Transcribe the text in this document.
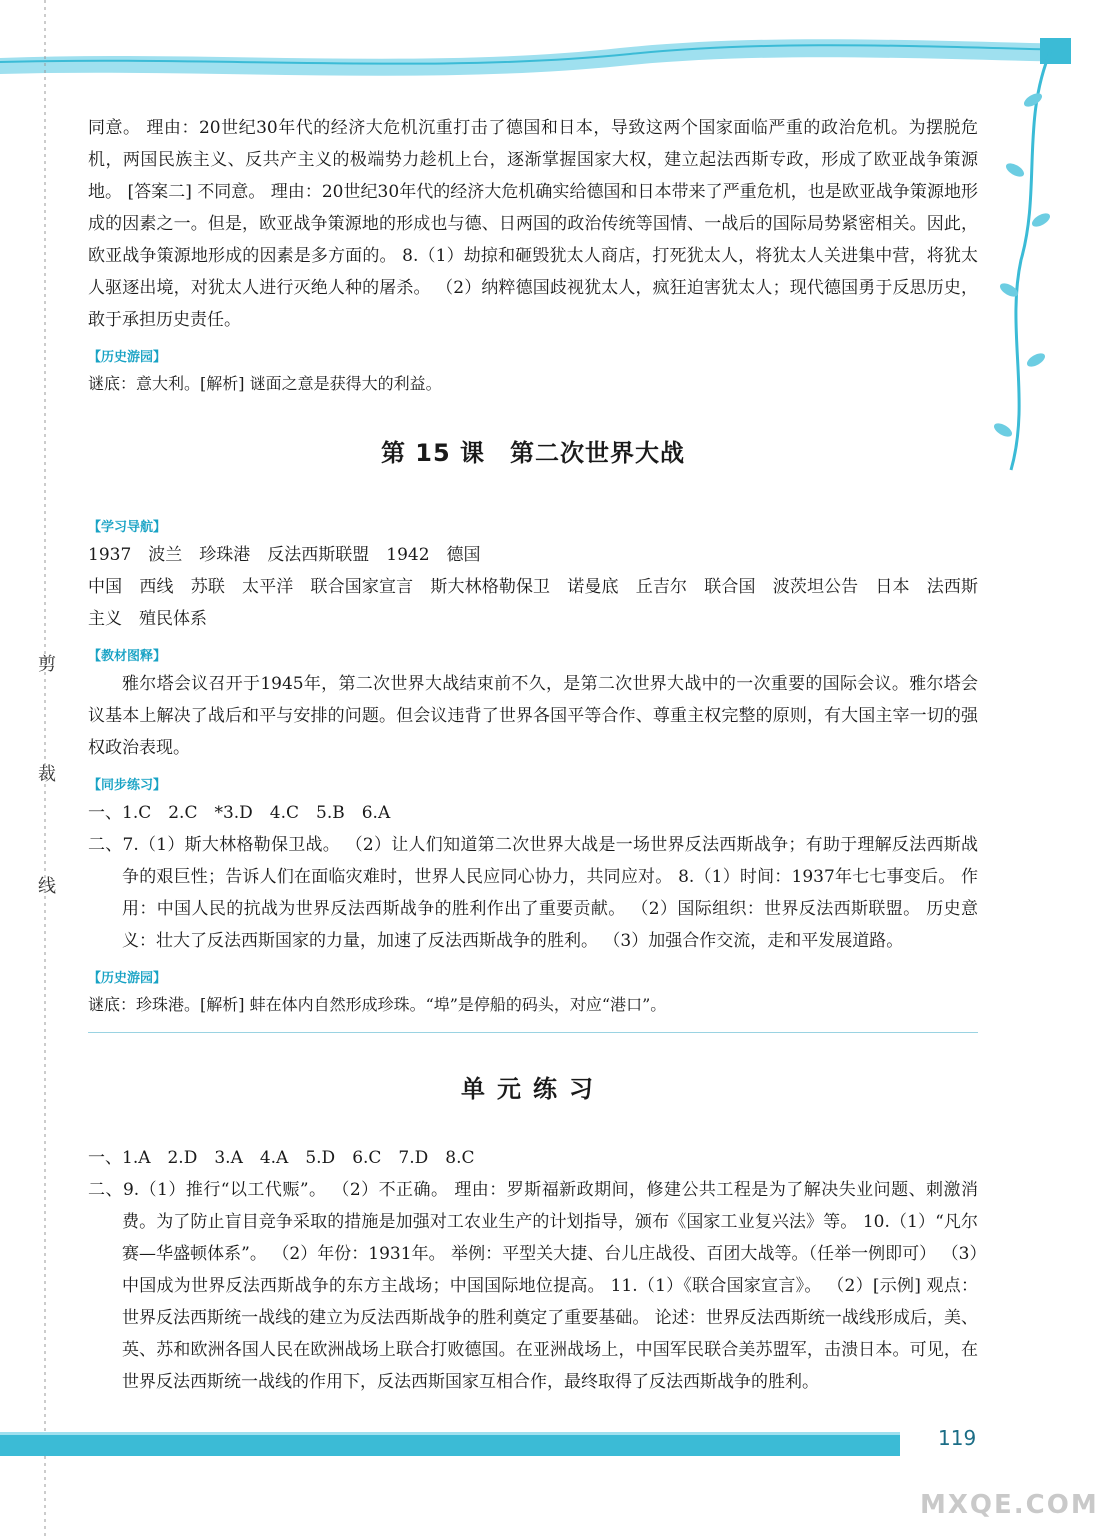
剪
裁
线

同意。 理由：20世纪30年代的经济大危机沉重打击了德国和日本，导致这两个国家面临严重的政治危机。为摆脱危机，两国民族主义、反共产主义的极端势力趁机上台，逐渐掌握国家大权，建立起法西斯专政，形成了欧亚战争策源地。 [答案二] 不同意。 理由：20世纪30年代的经济大危机确实给德国和日本带来了严重危机，也是欧亚战争策源地形成的因素之一。但是，欧亚战争策源地的形成也与德、日两国的政治传统等国情、一战后的国际局势紧密相关。因此，欧亚战争策源地形成的因素是多方面的。 8.（1）劫掠和砸毁犹太人商店，打死犹太人，将犹太人关进集中营，将犹太人驱逐出境，对犹太人进行灭绝人种的屠杀。 （2）纳粹德国歧视犹太人，疯狂迫害犹太人；现代德国勇于反思历史，敢于承担历史责任。

【历史游园】

谜底：意大利。[解析] 谜面之意是获得大的利益。

第 15 课　第二次世界大战
【学习导航】

1937　波兰　珍珠港　反法西斯联盟　1942　德国

中国　西线　苏联　太平洋　联合国家宣言　斯大林格勒保卫　诺曼底　丘吉尔　联合国　波茨坦公告　日本　法西斯主义　殖民体系

【教材图释】

雅尔塔会议召开于1945年，第二次世界大战结束前不久，是第二次世界大战中的一次重要的国际会议。雅尔塔会议基本上解决了战后和平与安排的问题。但会议违背了世界各国平等合作、尊重主权完整的原则，有大国主宰一切的强权政治表现。

【同步练习】

一、1.C　2.C　*3.D　4.C　5.B　6.A

二、7.（1）斯大林格勒保卫战。 （2）让人们知道第二次世界大战是一场世界反法西斯战争；有助于理解反法西斯战争的艰巨性；告诉人们在面临灾难时，世界人民应同心协力，共同应对。 8.（1）时间：1937年七七事变后。 作用：中国人民的抗战为世界反法西斯战争的胜利作出了重要贡献。 （2）国际组织：世界反法西斯联盟。 历史意义：壮大了反法西斯国家的力量，加速了反法西斯战争的胜利。 （3）加强合作交流，走和平发展道路。

【历史游园】

谜底：珍珠港。[解析] 蚌在体内自然形成珍珠。“埠”是停船的码头，对应“港口”。

单元练习

一、1.A　2.D　3.A　4.A　5.D　6.C　7.D　8.C

二、9.（1）推行“以工代赈”。 （2）不正确。 理由：罗斯福新政期间，修建公共工程是为了解决失业问题、刺激消费。为了防止盲目竞争采取的措施是加强对工农业生产的计划指导，颁布《国家工业复兴法》等。 10.（1）“凡尔赛—华盛顿体系”。 （2）年份：1931年。 举例：平型关大捷、台儿庄战役、百团大战等。（任举一例即可） （3）中国成为世界反法西斯战争的东方主战场；中国国际地位提高。 11.（1）《联合国家宣言》。 （2）[示例] 观点：世界反法西斯统一战线的建立为反法西斯战争的胜利奠定了重要基础。 论述：世界反法西斯统一战线形成后，美、英、苏和欧洲各国人民在欧洲战场上联合打败德国。在亚洲战场上，中国军民联合美苏盟军，击溃日本。可见，在世界反法西斯统一战线的作用下，反法西斯国家互相合作，最终取得了反法西斯战争的胜利。

119
MXQE.COM
